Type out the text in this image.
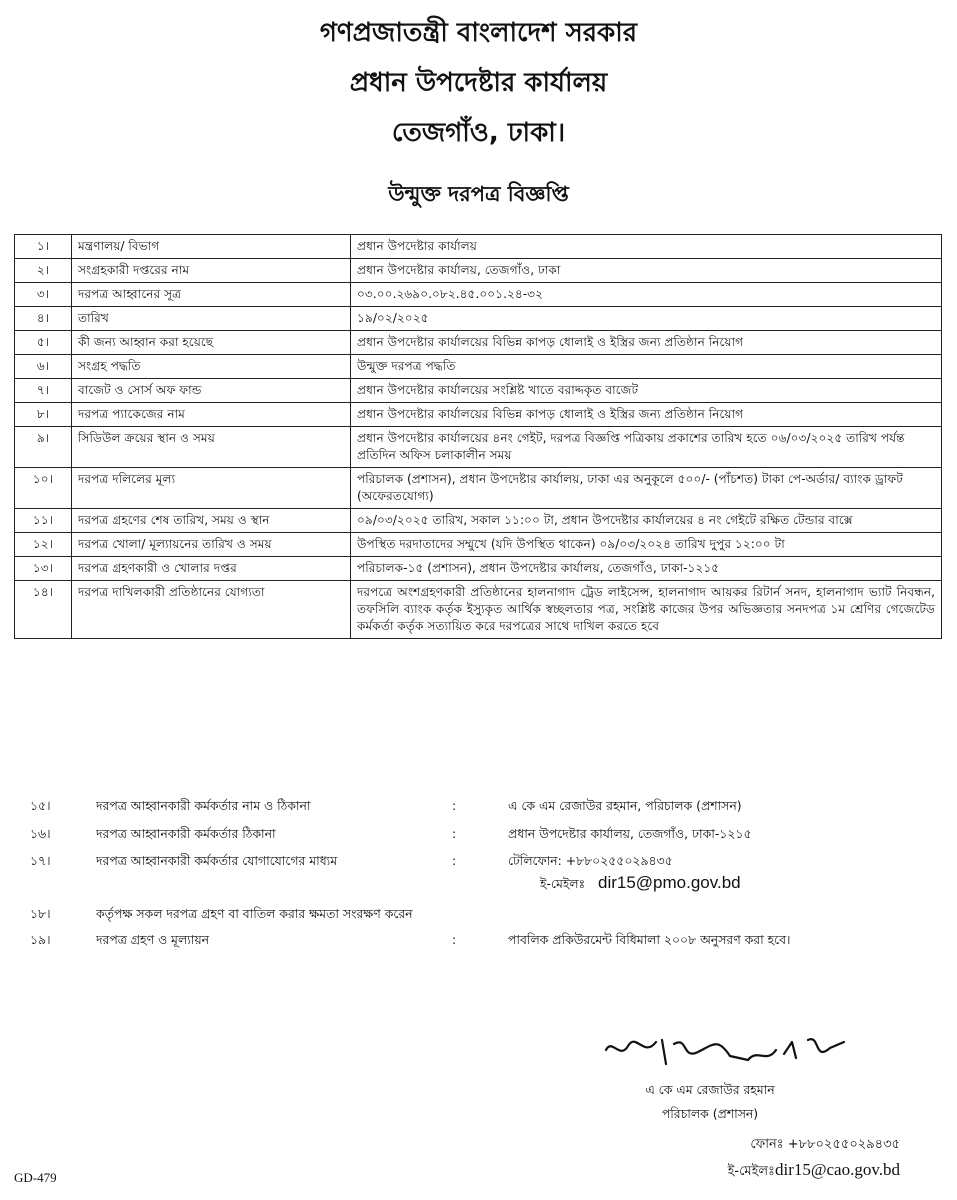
গণপ্রজাতন্ত্রী বাংলাদেশ সরকার
প্রধান উপদেষ্টার কার্যালয়
তেজগাঁও, ঢাকা।
উন্মুক্ত দরপত্র বিজ্ঞপ্তি
১।	মন্ত্রণালয়/ বিভাগ	প্রধান উপদেষ্টার কার্যালয়
২।	সংগ্রহকারী দপ্তরের নাম	প্রধান উপদেষ্টার কার্যালয়, তেজগাঁও, ঢাকা
৩।	দরপত্র আহ্বানের সূত্র	০৩.০০.২৬৯০.০৮২.৪৫.০০১.২৪-৩২
৪।	তারিখ	১৯/০২/২০২৫
৫।	কী জন্য আহ্বান করা হয়েছে	প্রধান উপদেষ্টার কার্যালয়ের বিভিন্ন কাপড় ধোলাই ও ইস্ত্রির জন্য প্রতিষ্ঠান নিয়োগ
৬।	সংগ্রহ পদ্ধতি	উন্মুক্ত দরপত্র পদ্ধতি
৭।	বাজেট ও সোর্স অফ ফান্ড	প্রধান উপদেষ্টার কার্যালয়ের সংশ্লিষ্ট খাতে বরাদ্দকৃত বাজেট
৮।	দরপত্র প্যাকেজের নাম	প্রধান উপদেষ্টার কার্যালয়ের বিভিন্ন কাপড় ধোলাই ও ইস্ত্রির জন্য প্রতিষ্ঠান নিয়োগ
৯।	সিডিউল ক্রয়ের স্থান ও সময়	প্রধান উপদেষ্টার কার্যালয়ের ৪নং গেইট, দরপত্র বিজ্ঞপ্তি পত্রিকায় প্রকাশের তারিখ হতে ০৬/০৩/২০২৫ তারিখ পর্যন্ত প্রতিদিন অফিস চলাকালীন সময়
১০।	দরপত্র দলিলের মূল্য	পরিচালক (প্রশাসন), প্রধান উপদেষ্টার কার্যালয়, ঢাকা এর অনুকূলে ৫০০/- (পাঁচশত) টাকা পে-অর্ডার/ ব্যাংক ড্রাফট (অফেরতযোগ্য)
১১।	দরপত্র গ্রহণের শেষ তারিখ, সময় ও স্থান	০৯/০৩/২০২৫ তারিখ, সকাল ১১:০০ টা, প্রধান উপদেষ্টার কার্যালয়ের ৪ নং গেইটে রক্ষিত টেন্ডার বাক্সে
১২।	দরপত্র খোলা/ মূল্যায়নের তারিখ ও সময়	উপস্থিত দরদাতাদের সম্মুখে (যদি উপস্থিত থাকেন) ০৯/০৩/২০২৪ তারিখ দুপুর ১২:০০ টা
১৩।	দরপত্র গ্রহণকারী ও খোলার দপ্তর	পরিচালক-১৫ (প্রশাসন), প্রধান উপদেষ্টার কার্যালয়, তেজগাঁও, ঢাকা-১২১৫
১৪।	দরপত্র দাখিলকারী প্রতিষ্ঠানের যোগ্যতা	দরপত্রে অংশগ্রহণকারী প্রতিষ্ঠানের হালনাগাদ ট্রেড লাইসেন্স, হালনাগাদ আয়কর রিটার্ন সনদ, হালনাগাদ ভ্যাট নিবন্ধন, তফসিলি ব্যাংক কর্তৃক ইস্যুকৃত আর্থিক স্বচ্ছলতার পত্র, সংশ্লিষ্ট কাজের উপর অভিজ্ঞতার সনদপত্র ১ম শ্রেণির গেজেটেড কর্মকর্তা কর্তৃক সত্যায়িত করে দরপত্রের সাথে দাখিল করতে হবে
১৫।	দরপত্র আহ্বানকারী কর্মকর্তার নাম ও ঠিকানা	:	এ কে এম রেজাউর রহমান, পরিচালক (প্রশাসন)
১৬।	দরপত্র আহ্বানকারী কর্মকর্তার ঠিকানা	:	প্রধান উপদেষ্টার কার্যালয়, তেজগাঁও, ঢাকা-১২১৫
১৭।	দরপত্র আহ্বানকারী কর্মকর্তার যোগাযোগের মাধ্যম	:	টেলিফোন: +৮৮০২৫৫০২৯৪৩৫
ই-মেইলঃ dir15@pmo.gov.bd
১৮।	কর্তৃপক্ষ সকল দরপত্র গ্রহণ বা বাতিল করার ক্ষমতা সংরক্ষণ করেন
১৯।	দরপত্র গ্রহণ ও মূল্যায়ন	:	পাবলিক প্রকিউরমেন্ট বিধিমালা ২০০৮ অনুসরণ করা হবে।
এ কে এম রেজাউর রহমান
পরিচালক (প্রশাসন)
ফোনঃ +৮৮০২৫৫০২৯৪৩৫
ই-মেইলঃdir15@cao.gov.bd
GD-479
